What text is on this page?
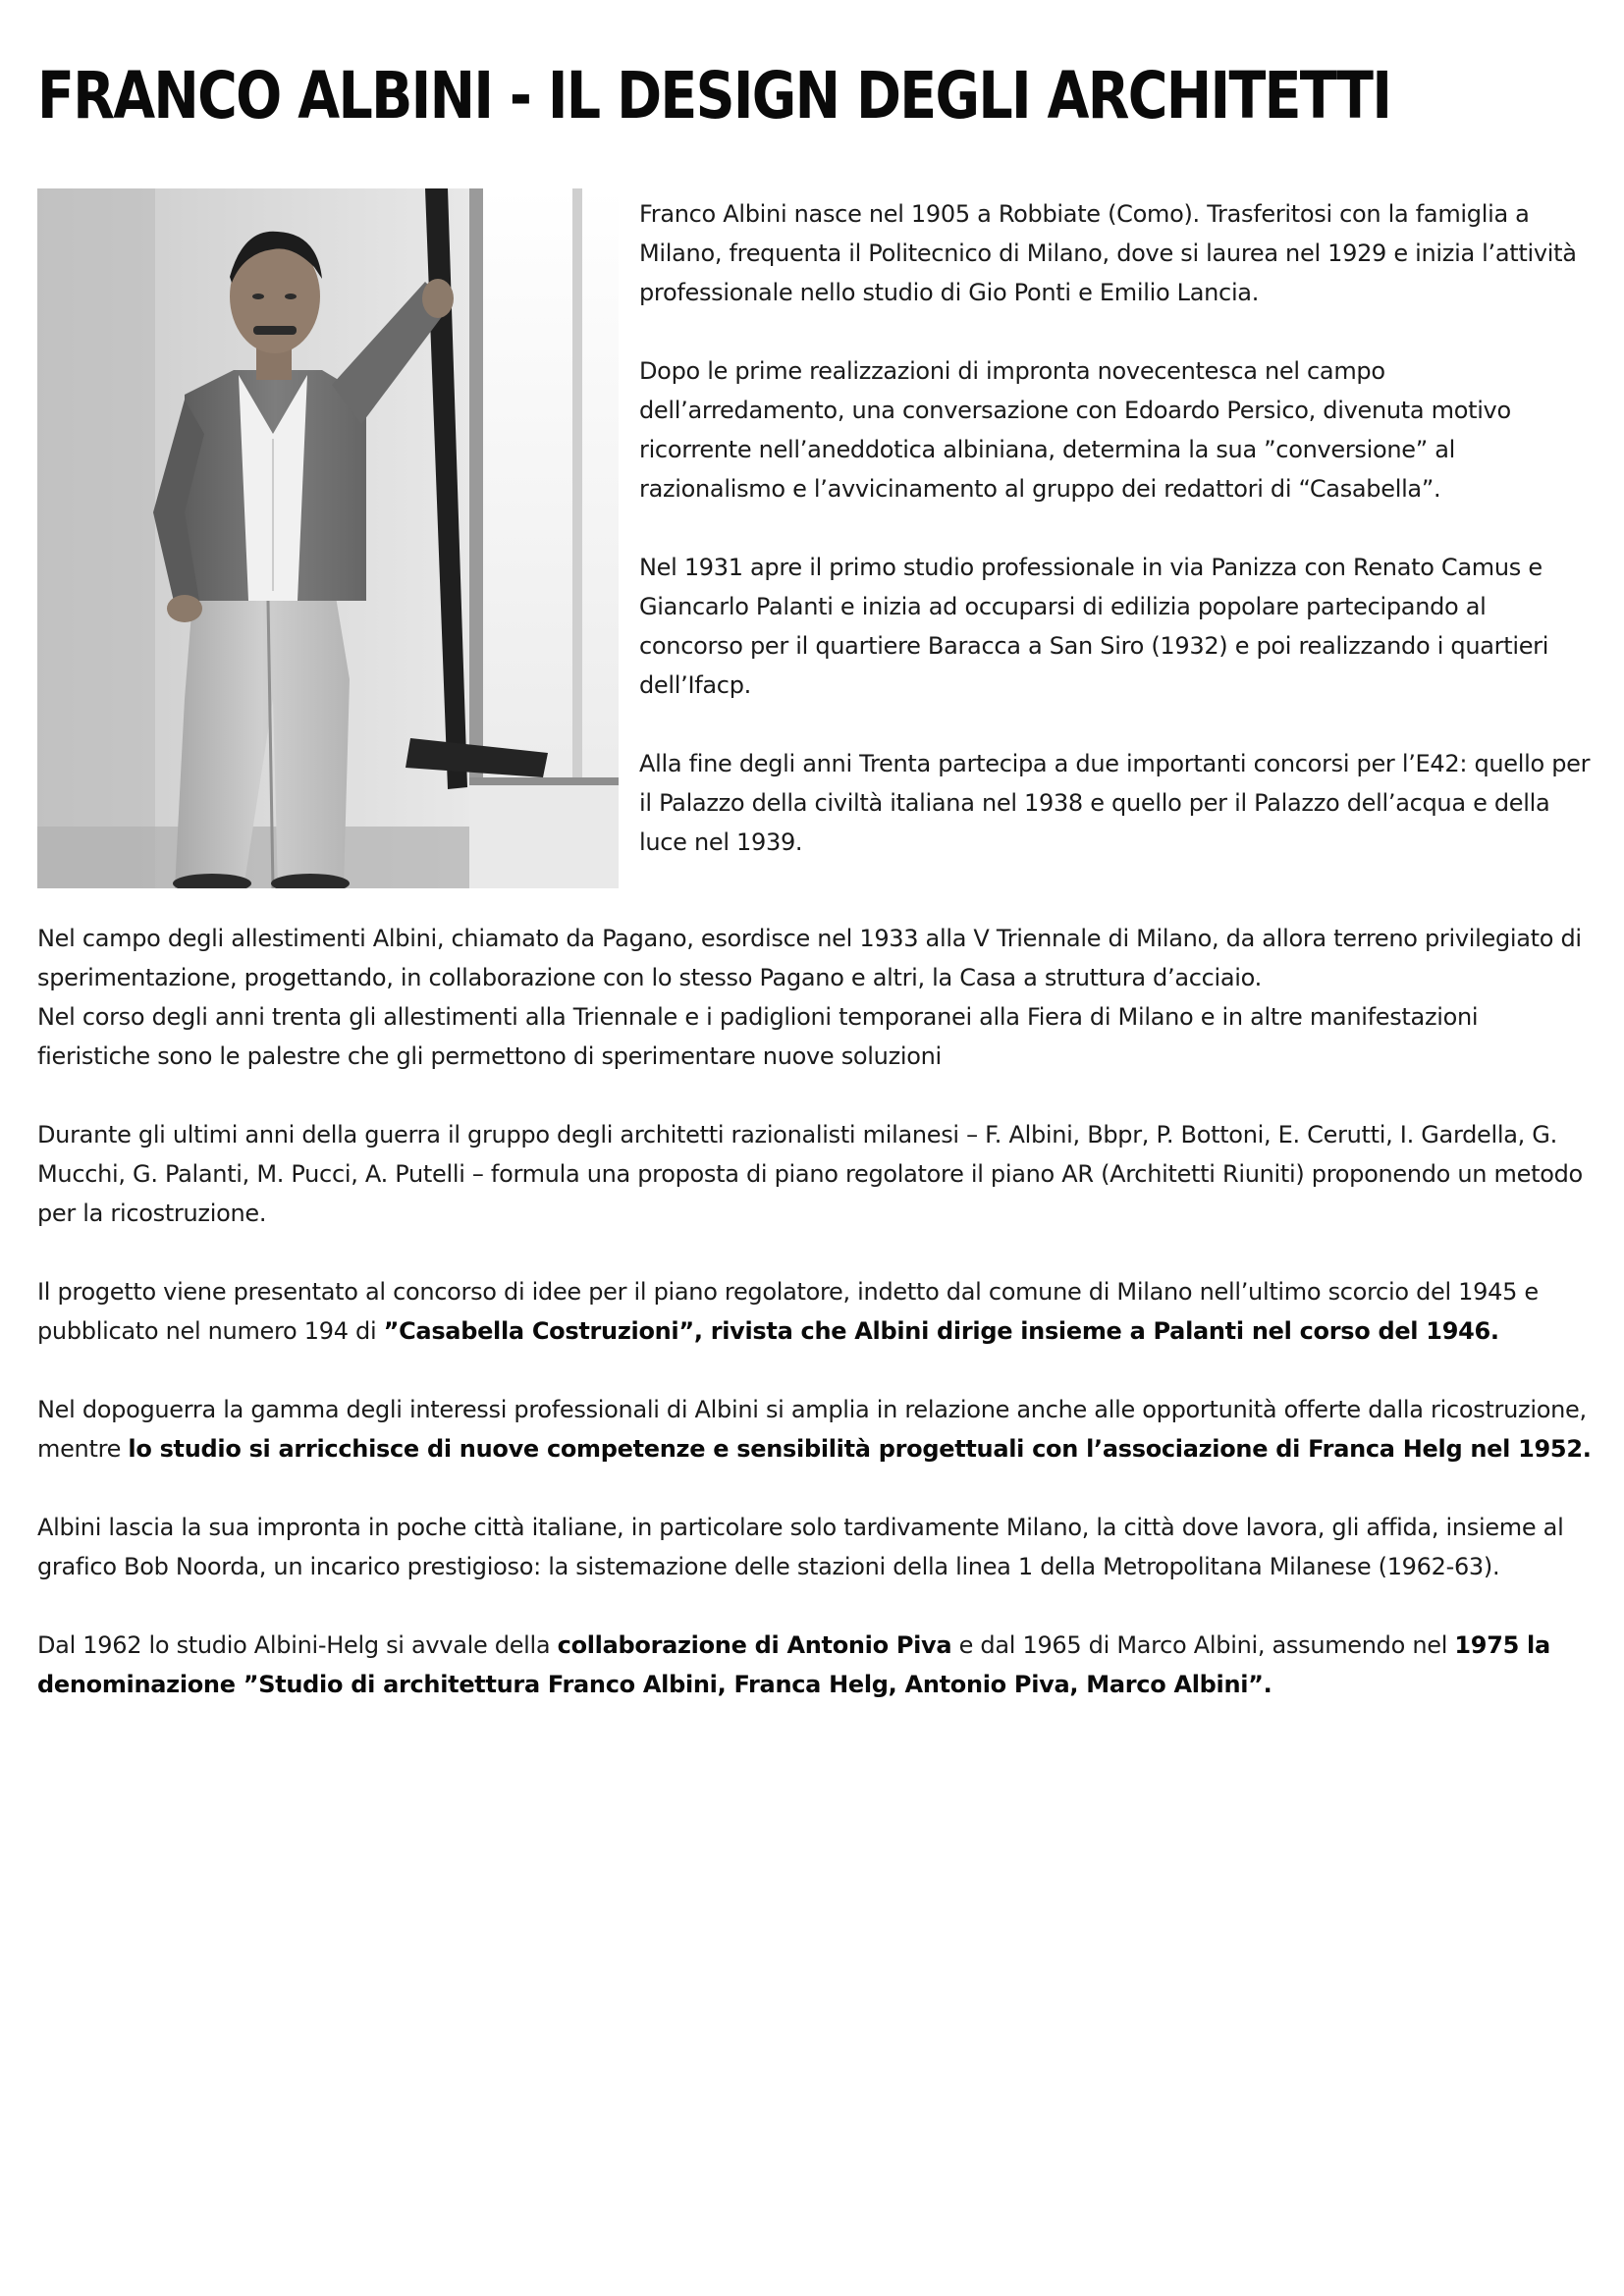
FRANCO ALBINI - IL DESIGN DEGLI ARCHITETTI

Franco Albini nasce nel 1905 a Robbiate (Como). Trasferitosi con la famiglia a Milano, frequenta il Politecnico di Milano, dove si laurea nel 1929 e inizia l’attività professionale nello studio di Gio Ponti e Emilio Lancia.

Dopo le prime realizzazioni di impronta novecentesca nel campo dell’arredamento, una conversazione con Edoardo Persico, divenuta motivo ricorrente nell’aneddotica albiniana, determina la sua ”conversione” al razionalismo e l’avvicinamento al gruppo dei redattori di “Casabella”.

Nel 1931 apre il primo studio professionale in via Panizza con Renato Camus e Giancarlo Palanti e inizia ad occuparsi di edilizia popolare partecipando al concorso per il quartiere Baracca a San Siro (1932) e poi realizzando i quartieri dell’Ifacp.

Alla fine degli anni Trenta partecipa a due importanti concorsi per l’E42: quello per il Palazzo della civiltà italiana nel 1938 e quello per il Palazzo dell’acqua e della luce nel 1939.

Nel campo degli allestimenti Albini, chiamato da Pagano, esordisce nel 1933 alla V Triennale di Milano, da allora terreno privilegiato di sperimentazione, progettando, in collaborazione con lo stesso Pagano e altri, la Casa a struttura d’acciaio.

Nel corso degli anni trenta gli allestimenti alla Triennale e i padiglioni temporanei alla Fiera di Milano e in altre manifestazioni fieristiche sono le palestre che gli permettono di sperimentare nuove soluzioni

Durante gli ultimi anni della guerra il gruppo degli architetti razionalisti milanesi – F. Albini, Bbpr, P. Bottoni, E. Cerutti, I. Gardella, G. Mucchi, G. Palanti, M. Pucci, A. Putelli – formula una proposta di piano regolatore il piano AR (Architetti Riuniti) proponendo un metodo per la ricostruzione.

Il progetto viene presentato al concorso di idee per il piano regolatore, indetto dal comune di Milano nell’ultimo scorcio del 1945 e pubblicato nel numero 194 di ”Casabella Costruzioni”, rivista che Albini dirige insieme a Palanti nel corso del 1946.

Nel dopoguerra la gamma degli interessi professionali di Albini si amplia in relazione anche alle opportunità offerte dalla ricostruzione, mentre lo studio si arricchisce di nuove competenze e sensibilità progettuali con l’associazione di Franca Helg nel 1952.

Albini lascia la sua impronta in poche città italiane, in particolare solo tardivamente Milano, la città dove lavora, gli affida, insieme al grafico Bob Noorda, un incarico prestigioso: la sistemazione delle stazioni della linea 1 della Metropolitana Milanese (1962-63).

Dal 1962 lo studio Albini-Helg si avvale della collaborazione di Antonio Piva e dal 1965 di Marco Albini, assumendo nel 1975 la denominazione ”Studio di architettura Franco Albini, Franca Helg, Antonio Piva, Marco Albini”.
